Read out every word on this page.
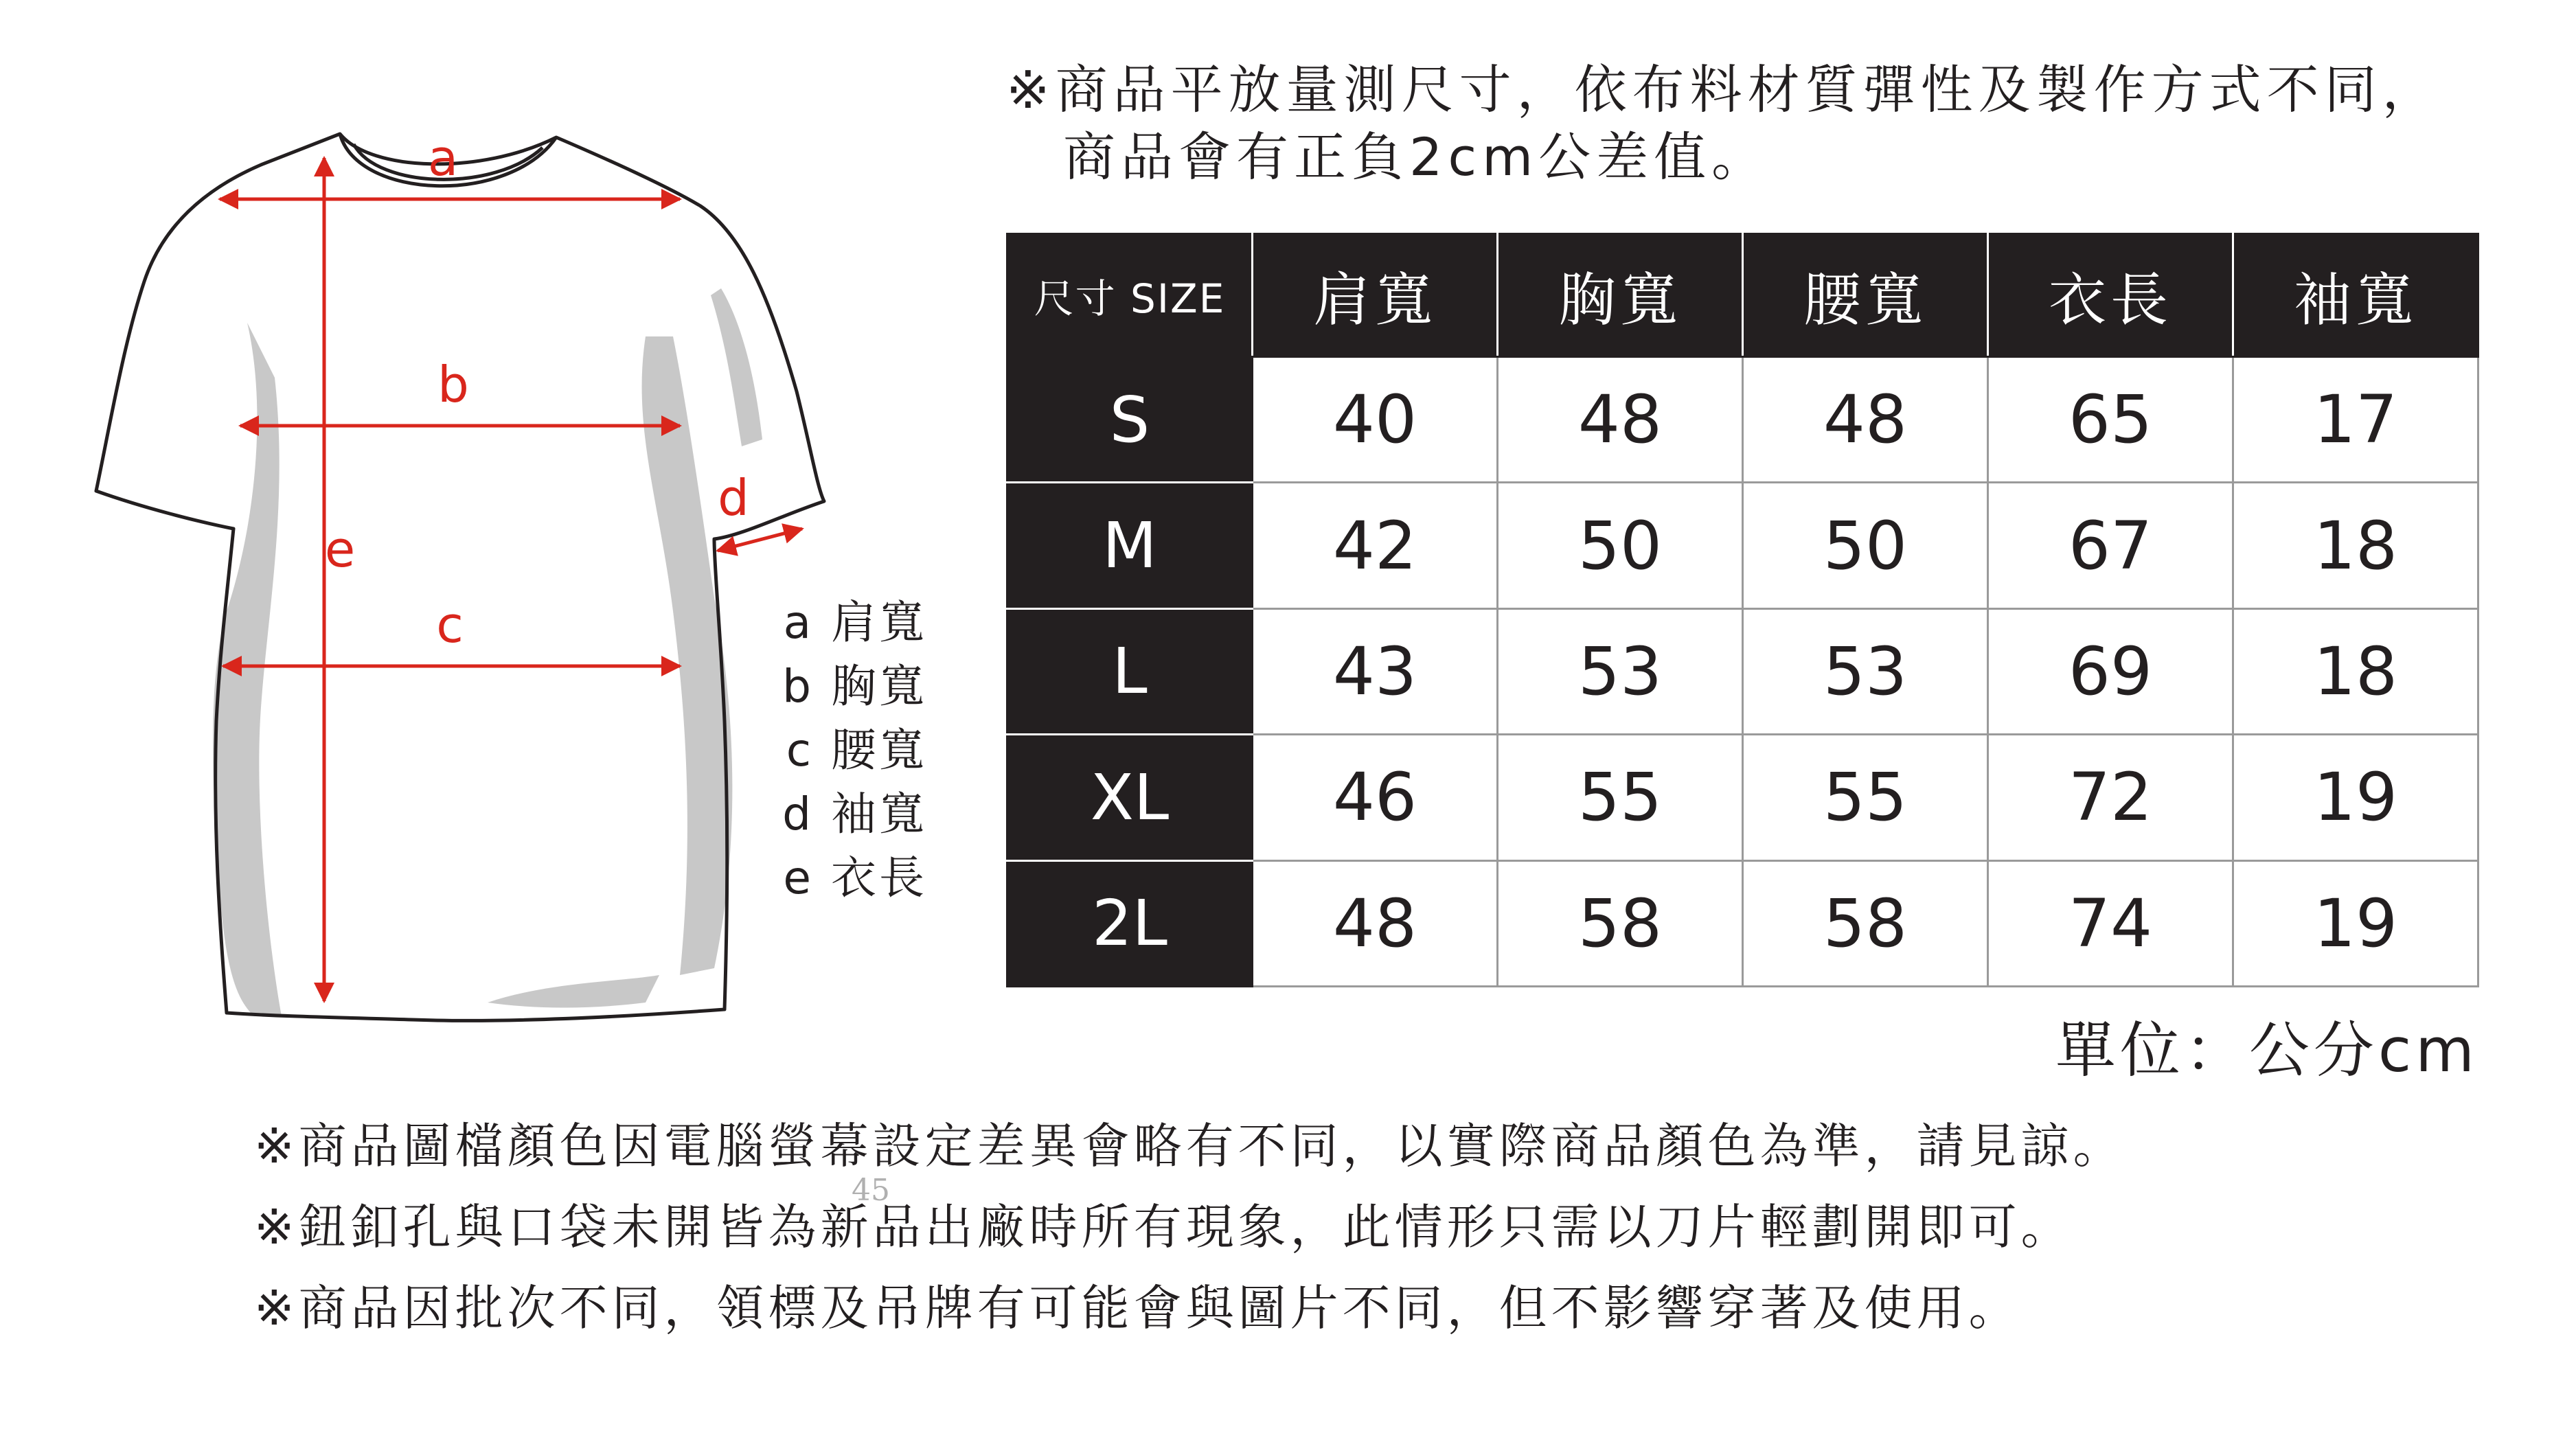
a
b
c
d
e
a 肩寬
b 胸寬
c 腰寬
d 袖寬
e 衣長
※商品平放量測尺寸，依布料材質彈性及製作方式不同，
商品會有正負2cm公差值。
尺寸 SIZE	肩寬	胸寬	腰寬	衣長	袖寬
S	40	48	48	65	17
M	42	50	50	67	18
L	43	53	53	69	18
XL	46	55	55	72	19
2L	48	58	58	74	19
單位：公分cm
※商品圖檔顏色因電腦螢幕設定差異會略有不同，以實際商品顏色為準，請見諒。
※鈕釦孔與口袋未開皆為新品出廠時所有現象，此情形只需以刀片輕劃開即可。
※商品因批次不同，領標及吊牌有可能會與圖片不同，但不影響穿著及使用。
45
